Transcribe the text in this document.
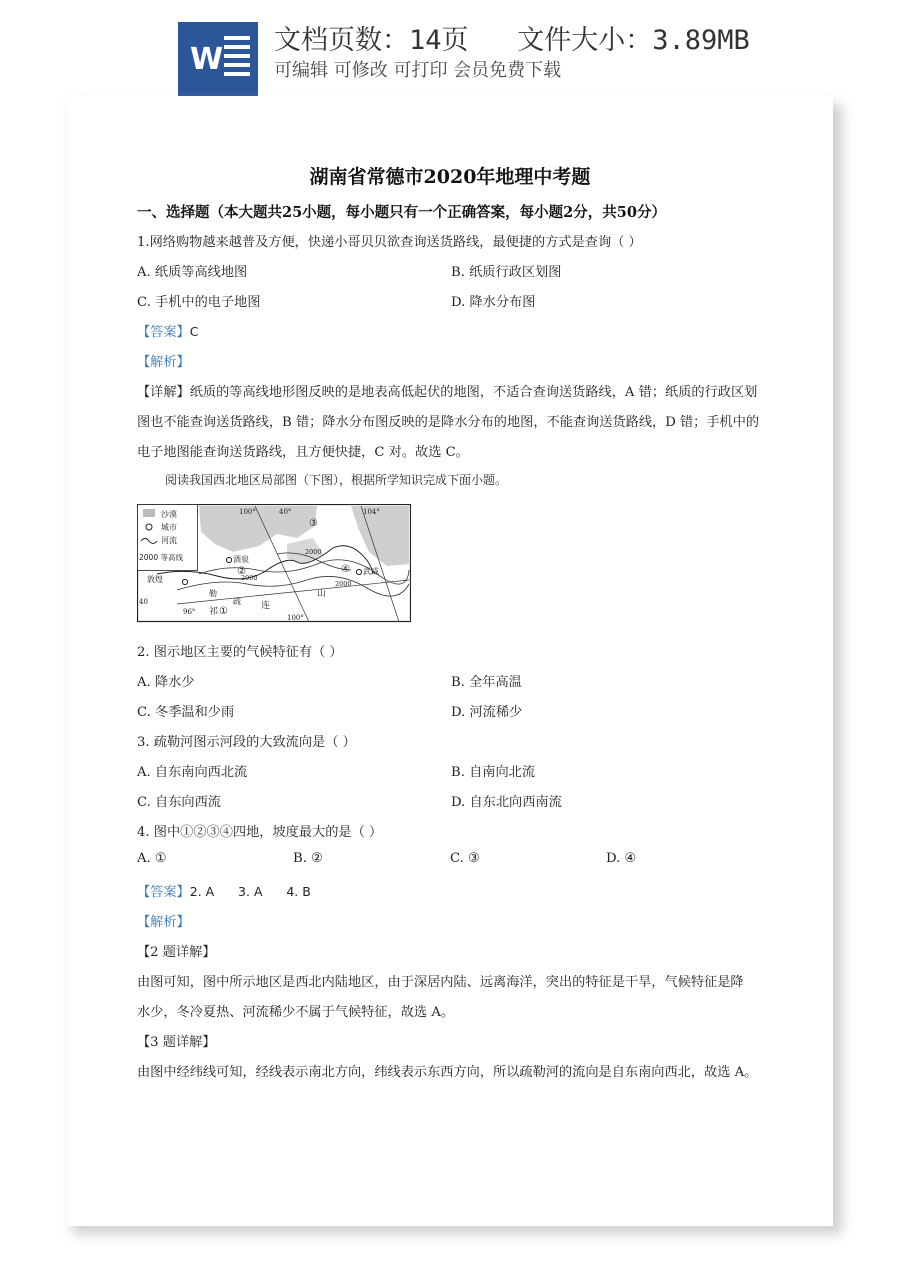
W
文档页数：14页   文件大小：3.89MB
可编辑 可修改 可打印 会员免费下载
湖南省常德市2020年地理中考题
一、选择题（本大题共25小题，每小题只有一个正确答案，每小题2分，共50分）
1.网络购物越来越普及方便，快递小哥贝贝欲查询送货路线，最便捷的方式是查询（ ）
A. 纸质等高线地图	B. 纸质行政区划图
C. 手机中的电子地图	D. 降水分布图
【答案】C
【解析】
【详解】纸质的等高线地形图反映的是地表高低起伏的地图，不适合查询送货路线，A 错；纸质的行政区划
图也不能查询送货路线，B 错；降水分布图反映的是降水分布的地图，不能查询送货路线，D 错；手机中的
电子地图能查询送货路线，且方便快捷，C 对。故选 C。
阅读我国西北地区局部图（下图），根据所学知识完成下面小题。
沙漠
城市
河流
2000 等高线	酒泉
武威
敦煌
祁
连
山
勒
疏
100°	40°	104°
96°
40
100°
2000
2000
2000
①
②
③
④
2. 图示地区主要的气候特征有（ ）
A. 降水少	B. 全年高温
C. 冬季温和少雨	D. 河流稀少
3. 疏勒河图示河段的大致流向是（ ）
A. 自东南向西北流	B. 自南向北流
C. 自东向西流	D. 自东北向西南流
4. 图中①②③④四地，坡度最大的是（ ）
A. ①	B. ②	C. ③	D. ④
【答案】2. A      3. A      4. B
【解析】
【2 题详解】
由图可知，图中所示地区是西北内陆地区，由于深居内陆、远离海洋，突出的特征是干旱，气候特征是降
水少，冬冷夏热、河流稀少不属于气候特征，故选 A。
【3 题详解】
由图中经纬线可知，经线表示南北方向，纬线表示东西方向，所以疏勒河的流向是自东南向西北，故选 A。
